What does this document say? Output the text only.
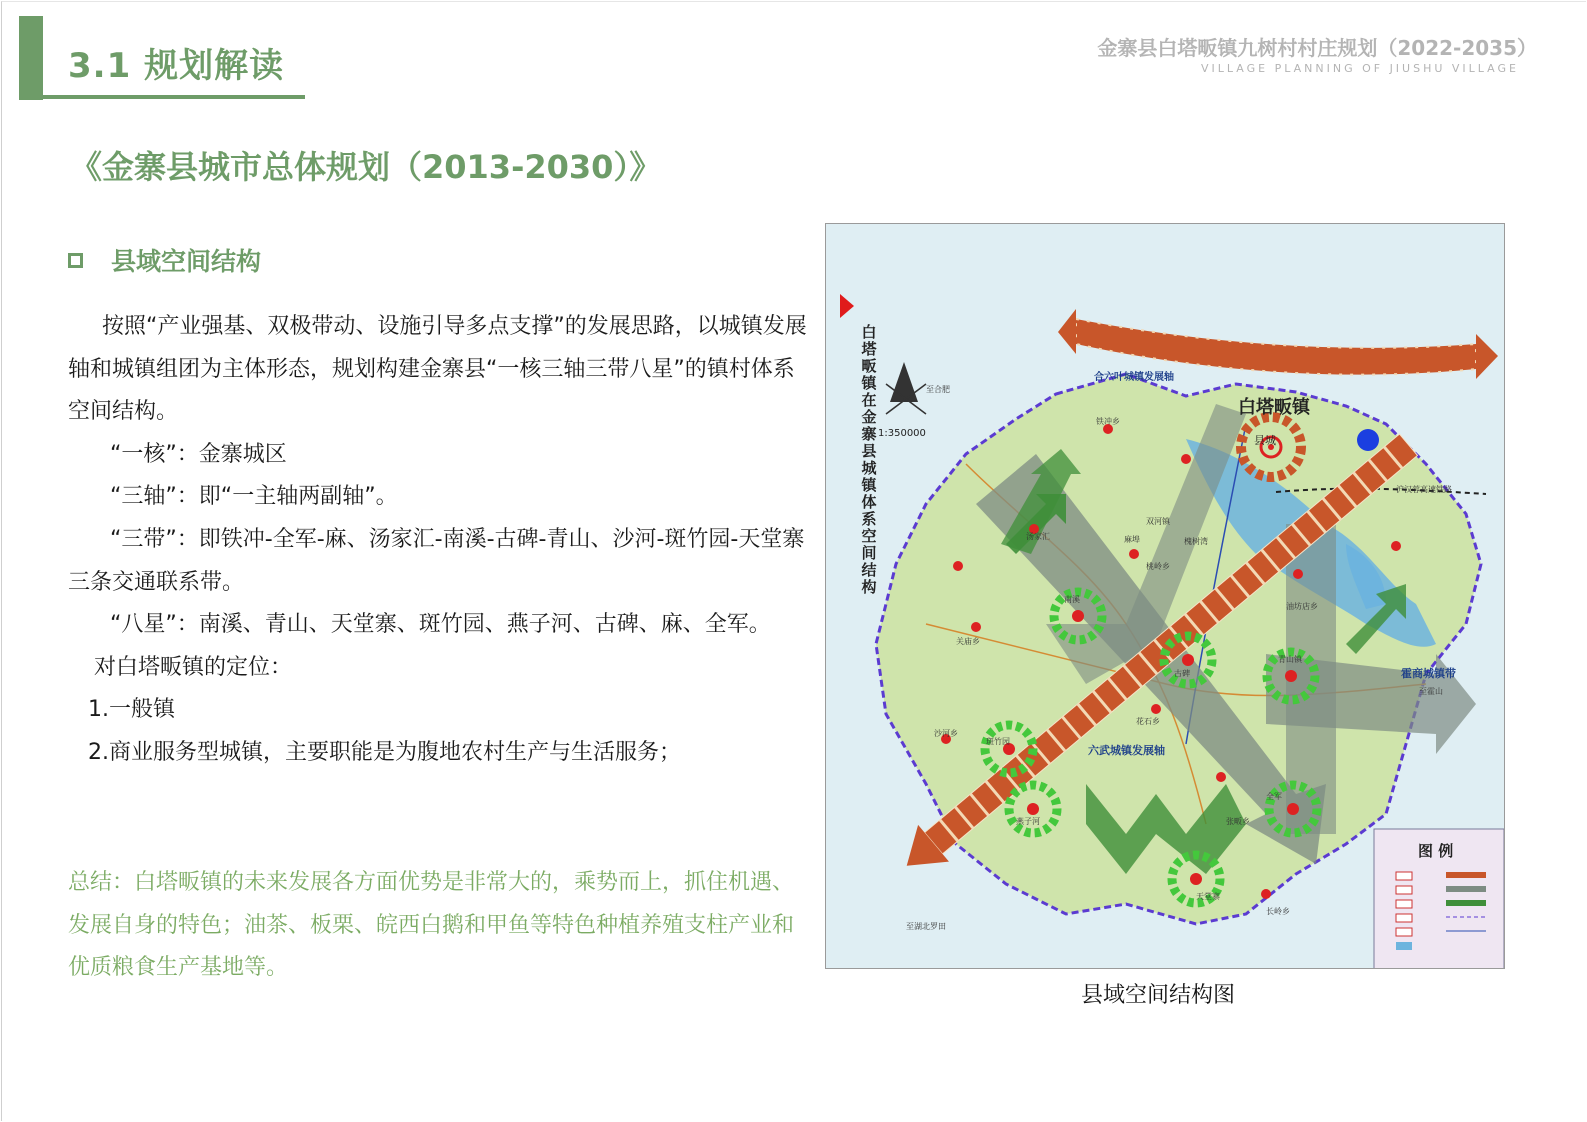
3.1 规划解读	金寨县白塔畈镇九树村村庄规划（2022-2035）
VILLAGE PLANNING OF JIUSHU VILLAGE
《金寨县城市总体规划（2013-2030）》
县域空间结构

按照“产业强基、双极带动、设施引导多点支撑”的发展思路，以城镇发展轴和城镇组团为主体形态，规划构建金寨县“一核三轴三带八星”的镇村体系空间结构。

“一核”：金寨城区

“三轴”：即“一主轴两副轴”。

“三带”：即铁冲-全军-麻、汤家汇-南溪-古碑-青山、沙河-斑竹园-天堂寨三条交通联系带。

“八星”：南溪、青山、天堂寨、斑竹园、燕子河、古碑、麻、全军。

对白塔畈镇的定位：

1.一般镇

2.商业服务型城镇，主要职能是为腹地农村生产与生活服务；

总结：白塔畈镇的未来发展各方面优势是非常大的，乘势而上，抓住机遇、发展自身的特色；油茶、板栗、皖西白鹅和甲鱼等特色种植养殖支柱产业和优质粮食生产基地等。
1:350000
白塔畈镇
县城
合六叶城镇发展轴
六武城镇发展轴
霍商城镇带
图 例
铁冲乡
至合肥
至湖北罗田
至霍山
沪汉蓉高速铁路
汤家汇
南溪
古碑
青山镇
麻埠
斑竹园
燕子河
天堂寨
全军
花石乡
双河镇
桃岭乡
关庙乡
沙河乡
长岭乡
张畈乡
槐树湾
油坊店乡
白
塔
畈
镇
在
金
寨
县
城
镇
体
系
空
间
结
构
县域空间结构图
